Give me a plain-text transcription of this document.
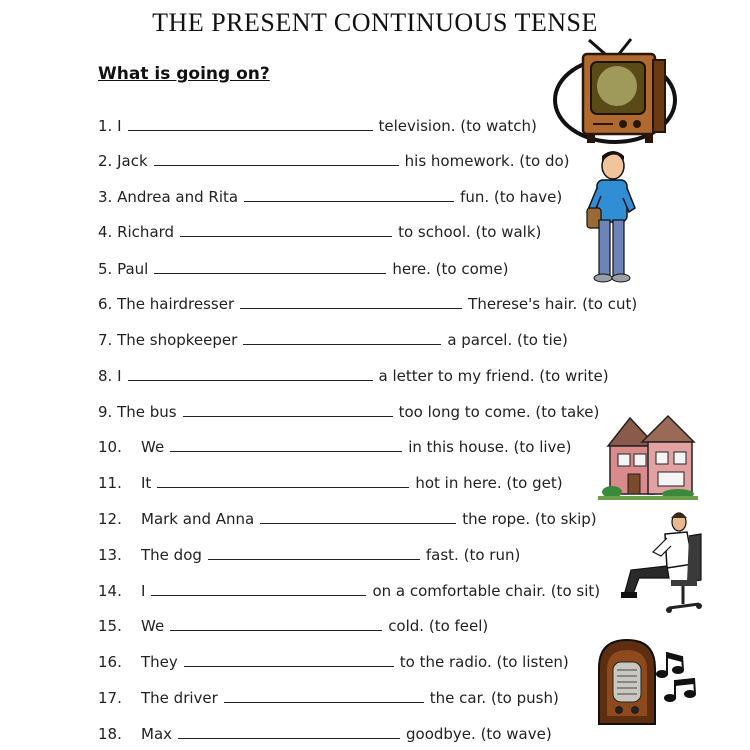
THE PRESENT CONTINUOUS TENSE
What is going on?
1.
I	television. (to watch)
2.
Jack	his homework. (to do)
3.
Andrea and Rita	fun. (to have)
4.
Richard	to school. (to walk)
5.
Paul	here. (to come)
6.
The hairdresser	Therese's hair. (to cut)
7.
The shopkeeper	a parcel. (to tie)
8.
I	a letter to my friend. (to write)
9.
The bus	too long to come. (to take)
10.	We	in this house. (to live)
11.	It	hot in here. (to get)
12.	Mark and Anna	the rope. (to skip)
13.	The dog	fast. (to run)
14.	I	on a comfortable chair. (to sit)
15.	We	cold. (to feel)
16.	They	to the radio. (to listen)
17.	The driver	the car. (to push)
18.	Max	goodbye. (to wave)
